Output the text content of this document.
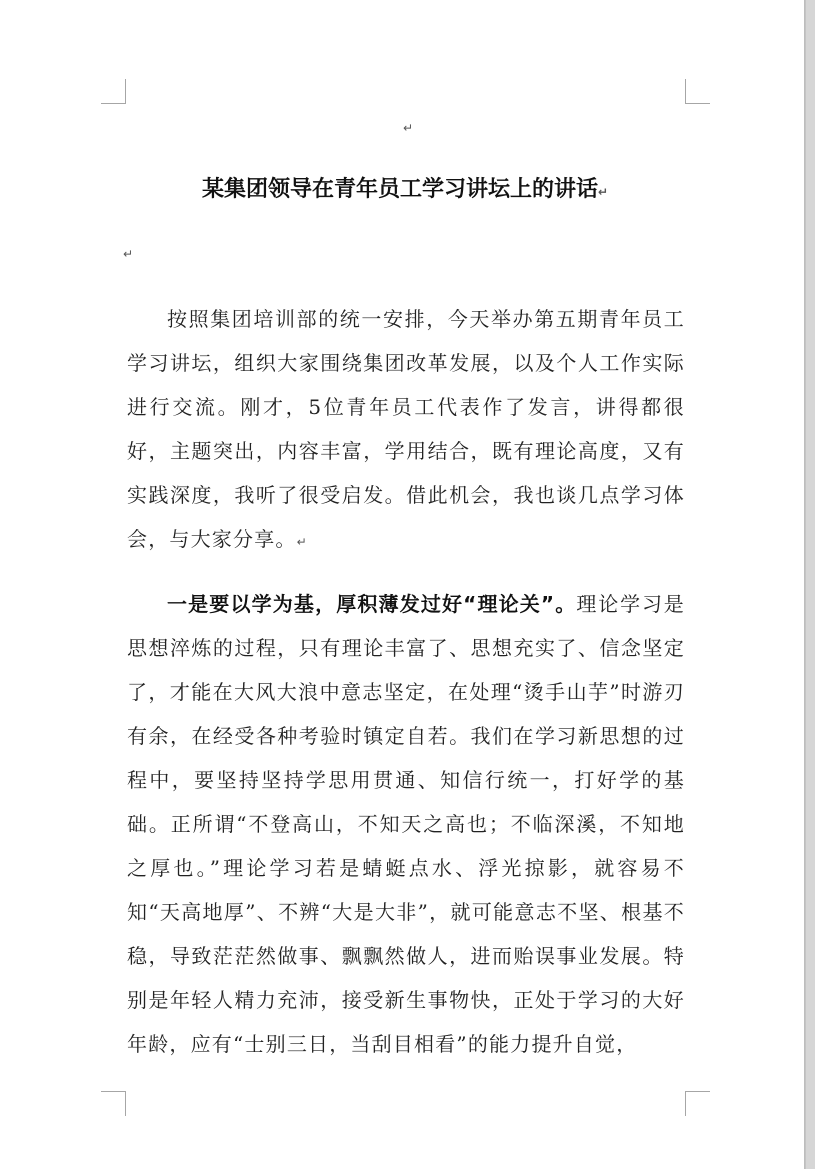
↵
某集团领导在青年员工学习讲坛上的讲话↵
↵

按照集团培训部的统一安排，今天举办第五期青年员工学习讲坛，组织大家围绕集团改革发展，以及个人工作实际进行交流。刚才，5位青年员工代表作了发言，讲得都很好，主题突出，内容丰富，学用结合，既有理论高度，又有实践深度，我听了很受启发。借此机会，我也谈几点学习体会，与大家分享。↵

一是要以学为基，厚积薄发过好“理论关”。理论学习是思想淬炼的过程，只有理论丰富了、思想充实了、信念坚定了，才能在大风大浪中意志坚定，在处理“烫手山芋”时游刃有余，在经受各种考验时镇定自若。我们在学习新思想的过程中，要坚持坚持学思用贯通、知信行统一，打好学的基础。正所谓“不登高山，不知天之高也；不临深溪，不知地之厚也。”理论学习若是蜻蜓点水、浮光掠影，就容易不知“天高地厚”、不辨“大是大非”，就可能意志不坚、根基不稳，导致茫茫然做事、飘飘然做人，进而贻误事业发展。特别是年轻人精力充沛，接受新生事物快，正处于学习的大好年龄，应有“士别三日，当刮目相看”的能力提升自觉，
